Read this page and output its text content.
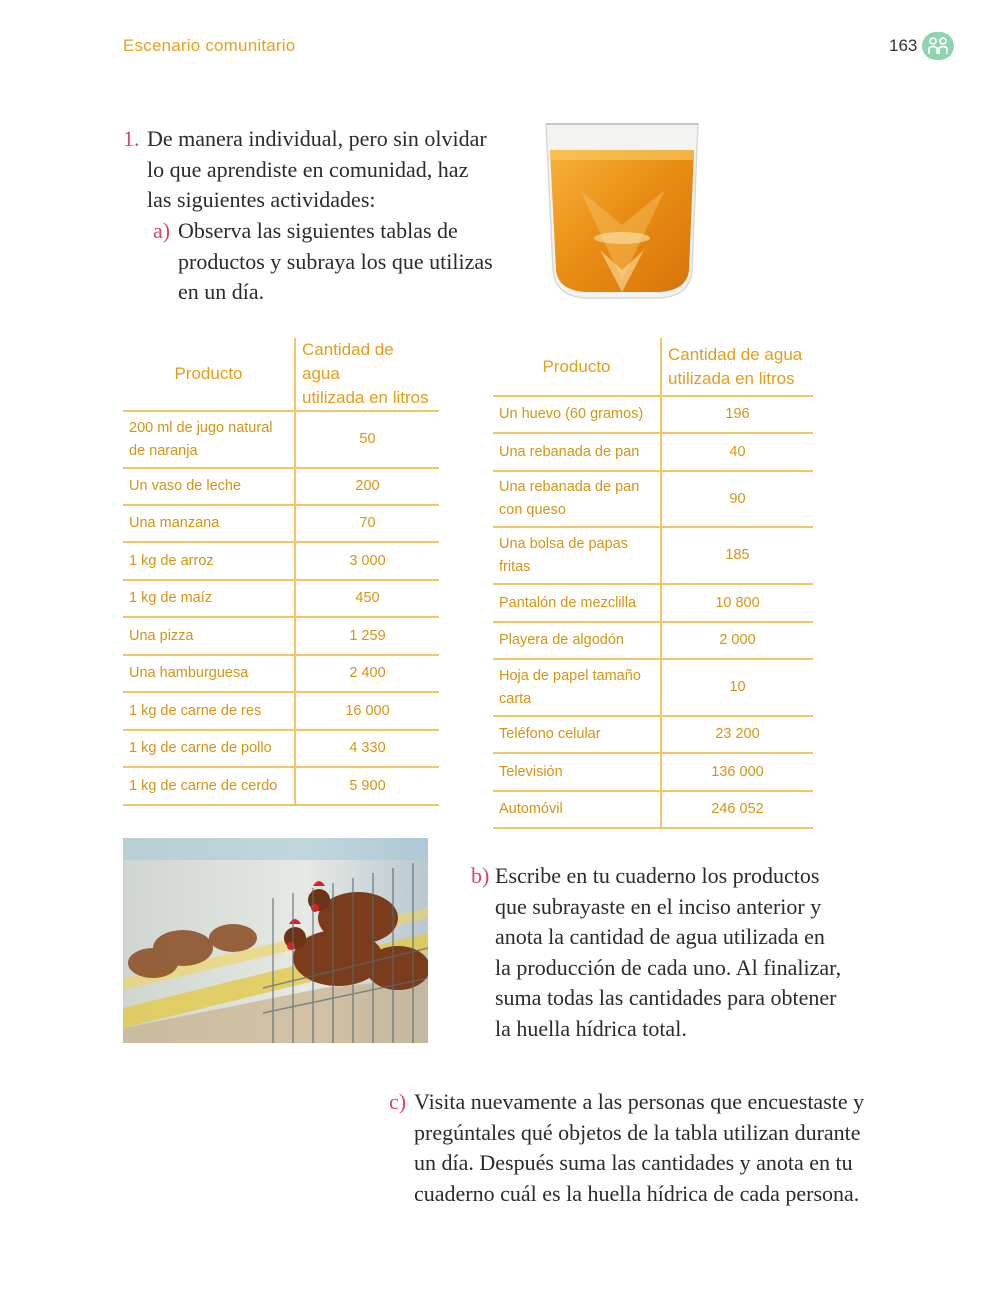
Escenario comunitario	163
1. De manera individual, pero sin olvidar
lo que aprendiste en comunidad, haz
las siguientes actividades:
a) Observa las siguientes tablas de
productos y subraya los que utilizas
en un día.
Producto	Cantidad de agua
utilizada en litros

200 ml de jugo natural
de naranja	50
Un vaso de leche	200
Una manzana	70
1 kg de arroz	3 000
1 kg de maíz	450
Una pizza	1 259
Una hamburguesa	2 400
1 kg de carne de res	16 000
1 kg de carne de pollo	4 330
1 kg de carne de cerdo	5 900
Producto	Cantidad de agua
utilizada en litros

Un huevo (60 gramos)	196
Una rebanada de pan	40

Una rebanada de pan
con queso	90

Una bolsa de papas
fritas	185
Pantalón de mezclilla	10 800
Playera de algodón	2 000

Hoja de papel tamaño
carta	10
Teléfono celular	23 200
Televisión	136 000
Automóvil	246 052
b) Escribe en tu cuaderno los productos
que subrayaste en el inciso anterior y
anota la cantidad de agua utilizada en
la producción de cada uno. Al finalizar,
suma todas las cantidades para obtener
la huella hídrica total.
c) Visita nuevamente a las personas que encuestaste y
pregúntales qué objetos de la tabla utilizan durante
un día. Después suma las cantidades y anota en tu
cuaderno cuál es la huella hídrica de cada persona.
